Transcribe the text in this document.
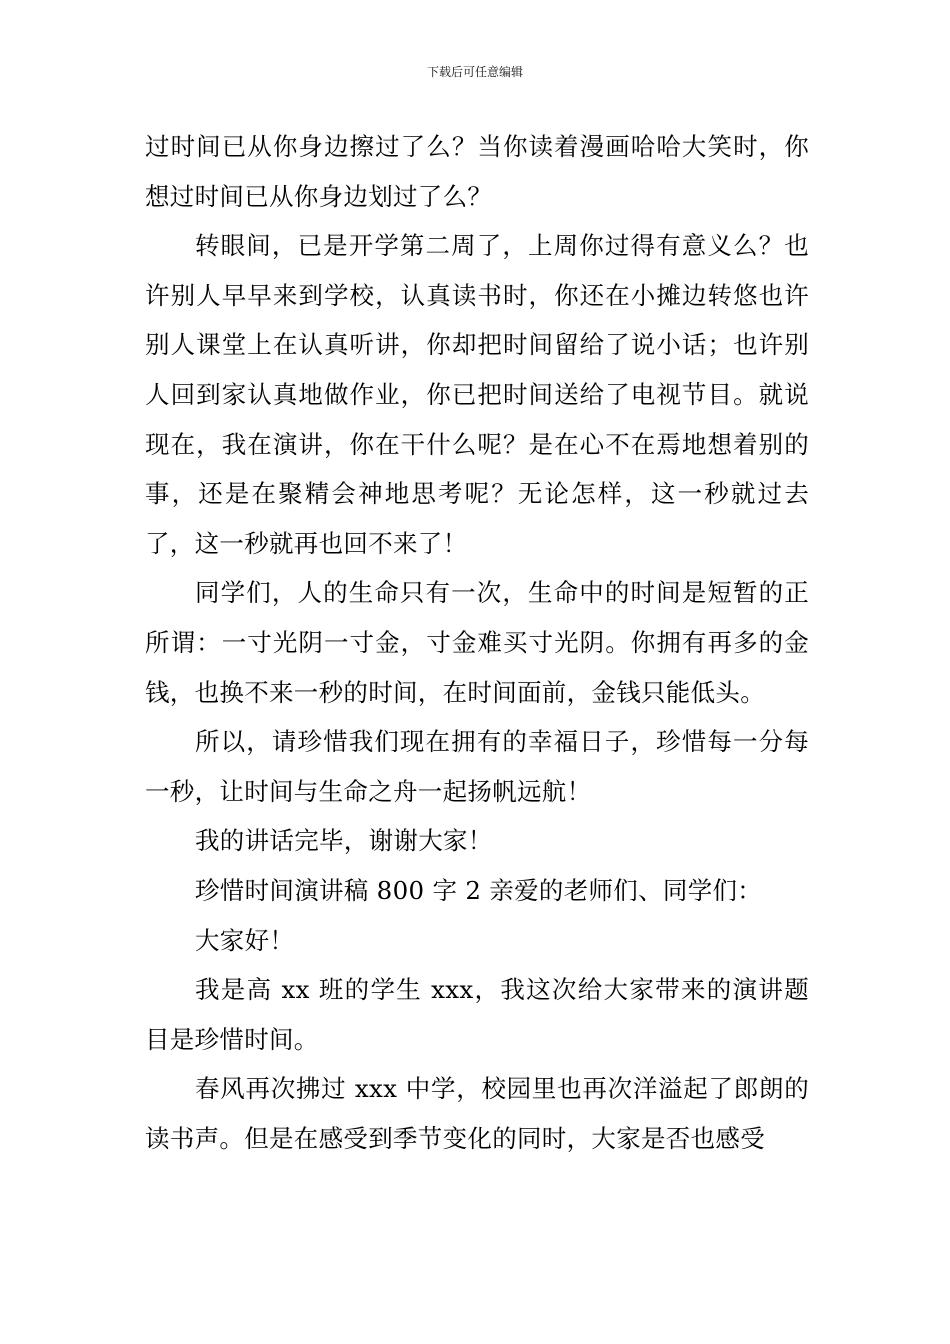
下载后可任意编辑

过时间已从你身边擦过了么？当你读着漫画哈哈大笑时，你想过时间已从你身边划过了么？

转眼间，已是开学第二周了，上周你过得有意义么？也许别人早早来到学校，认真读书时，你还在小摊边转悠也许别人课堂上在认真听讲，你却把时间留给了说小话；也许别人回到家认真地做作业，你已把时间送给了电视节目。就说现在，我在演讲，你在干什么呢？是在心不在焉地想着别的事，还是在聚精会神地思考呢？无论怎样，这一秒就过去了，这一秒就再也回不来了！

同学们，人的生命只有一次，生命中的时间是短暂的正所谓：一寸光阴一寸金，寸金难买寸光阴。你拥有再多的金钱，也换不来一秒的时间，在时间面前，金钱只能低头。

所以，请珍惜我们现在拥有的幸福日子，珍惜每一分每一秒，让时间与生命之舟一起扬帆远航！

我的讲话完毕，谢谢大家！

珍惜时间演讲稿 800 字 2 亲爱的老师们、同学们：

大家好！

我是高 xx 班的学生 xxx，我这次给大家带来的演讲题目是珍惜时间。

春风再次拂过 xxx 中学，校园里也再次洋溢起了郎朗的读书声。但是在感受到季节变化的同时，大家是否也感受
